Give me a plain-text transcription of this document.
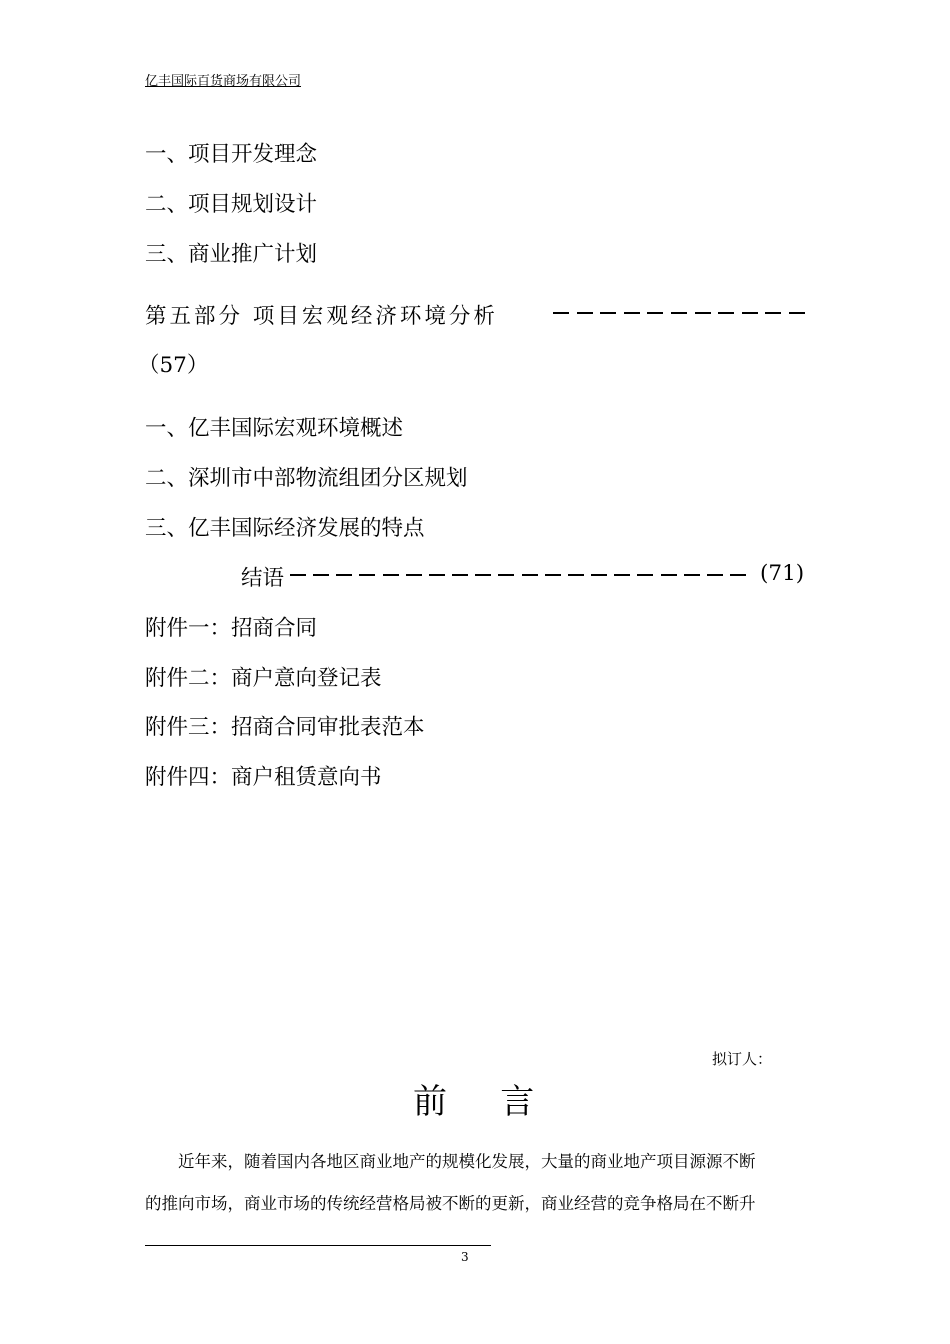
亿丰国际百货商场有限公司
一、项目开发理念
二、项目规划设计
三、商业推广计划
第五部分 项目宏观经济环境分析
（57）
一、亿丰国际宏观环境概述
二、深圳市中部物流组团分区规划
三、亿丰国际经济发展的特点
结语	(71)
附件一：招商合同
附件二：商户意向登记表
附件三：招商合同审批表范本
附件四：商户租赁意向书
拟订人：
前    言
近年来，随着国内各地区商业地产的规模化发展，大量的商业地产项目源源不断
的推向市场，商业市场的传统经营格局被不断的更新，商业经营的竞争格局在不断升
3
